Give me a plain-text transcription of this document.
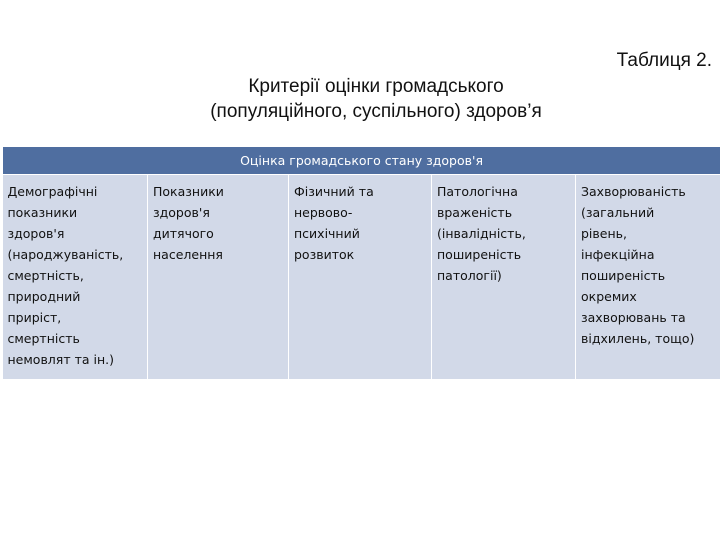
Таблиця 2.
Критерії оцінки громадського
(популяційного, суспільного) здоров’я
Оцінка громадського стану здоров'я

Демографічні
показники
здоров'я
(народжуваність,
смертність,
природний
приріст,
смертність
немовлят та ін.)

Показники
здоров'я
дитячого
населення

Фізичний та
нервово-
психічний
розвиток

Патологічна
враженість
(інвалідність,
поширеність
патології)

Захворюваність
(загальний
рівень,
інфекційна
поширеність
окремих
захворювань та
відхилень, тощо)
